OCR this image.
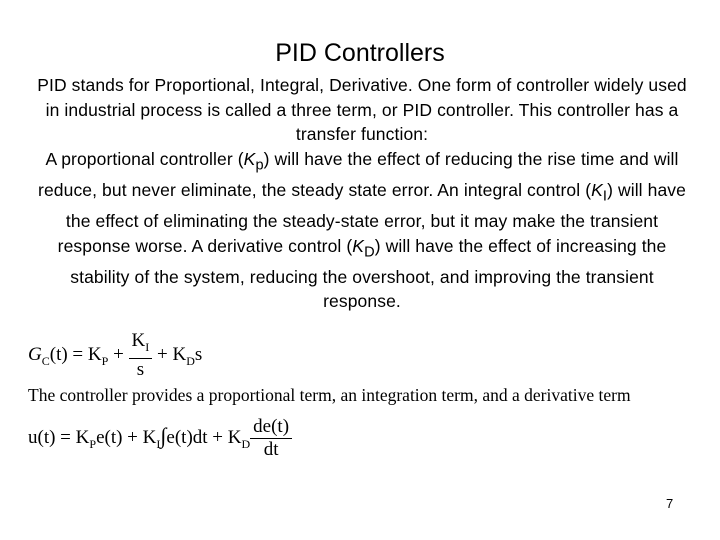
PID Controllers
PID stands for Proportional, Integral, Derivative. One form of controller widely used in industrial process is called a three term, or PID controller. This controller has a transfer function:
A proportional controller $(K_p)$ will have the effect of reducing the rise time and will reduce, but never eliminate, the steady state error. An integral control $(K_I)$ will have the effect of eliminating the steady-state error, but it may make the transient response worse. A derivative control $(K_D)$ will have the effect of increasing the stability of the system, reducing the overshoot, and improving the transient response.
$G_C(t) = K_P + \frac{K_I}{s} + K_Ds$
The controller provides a proportional term, an integration term, and a derivative term
$u(t) = K_Pe(t) + K_I\int e(t)dt + K_D \frac{de(t)}{dt}$
7
